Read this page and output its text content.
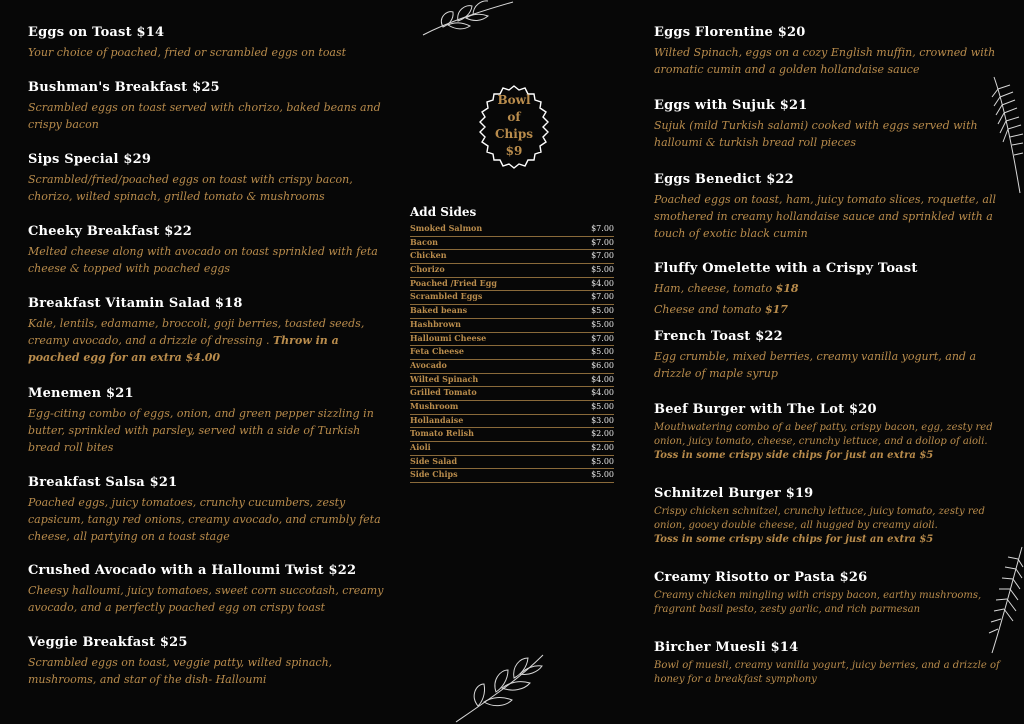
Eggs on Toast $14

Your choice of poached, fried or scrambled eggs on toast

Bushman's Breakfast $25

Scrambled eggs on toast served with chorizo, baked beans and crispy bacon

Sips Special $29

Scrambled/fried/poached eggs on toast with crispy bacon, chorizo, wilted spinach, grilled tomato & mushrooms

Cheeky Breakfast $22

Melted cheese along with avocado on toast sprinkled with feta cheese & topped with poached eggs

Breakfast Vitamin Salad $18

Kale, lentils, edamame, broccoli, goji berries, toasted seeds, creamy avocado, and a drizzle of dressing . Throw in a poached egg for an extra $4.00

Menemen $21

Egg-citing combo of eggs, onion, and green pepper sizzling in butter, sprinkled with parsley, served with a side of Turkish bread roll bites

Breakfast Salsa $21

Poached eggs, juicy tomatoes, crunchy cucumbers, zesty capsicum, tangy red onions, creamy avocado, and crumbly feta cheese, all partying on a toast stage

Crushed Avocado with a Halloumi Twist $22

Cheesy halloumi, juicy tomatoes, sweet corn succotash, creamy avocado, and a perfectly poached egg on crispy toast

Veggie Breakfast $25

Scrambled eggs on toast, veggie patty, wilted spinach, mushrooms, and star of the dish- Halloumi

Bowl
of
Chips
$9
Add Sides
Smoked Salmon	$7.00
Bacon	$7.00
Chicken	$7.00
Chorizo	$5.00
Poached /Fried Egg	$4.00
Scrambled Eggs	$7.00
Baked beans	$5.00
Hashbrown	$5.00
Halloumi Cheese	$7.00
Feta Cheese	$5.00
Avocado	$6.00
Wilted Spinach	$4.00
Grilled Tomato	$4.00
Mushroom	$5.00
Hollandaise	$3.00
Tomato Relish	$2.00
Aioli	$2.00
Side Salad	$5.00
Side Chips	$5.00
Eggs Florentine $20

Wilted Spinach, eggs on a cozy English muffin, crowned with aromatic cumin and a golden hollandaise sauce

Eggs with Sujuk $21

Sujuk (mild Turkish salami) cooked with eggs served with halloumi & turkish bread roll pieces

Eggs Benedict $22

Poached eggs on toast, ham, juicy tomato slices, roquette, all smothered in creamy hollandaise sauce and sprinkled with a touch of exotic black cumin

Fluffy Omelette with a Crispy Toast

Ham, cheese, tomato $18

Cheese and tomato $17

French Toast $22

Egg crumble, mixed berries, creamy vanilla yogurt, and a drizzle of maple syrup

Beef Burger with The Lot $20

Mouthwatering combo of a beef patty, crispy bacon, egg, zesty red onion, juicy tomato, cheese, crunchy lettuce, and a dollop of aioli.
Toss in some crispy side chips for just an extra $5

Schnitzel Burger $19

Crispy chicken schnitzel, crunchy lettuce, juicy tomato, zesty red onion, gooey double cheese, all hugged by creamy aioli.
Toss in some crispy side chips for just an extra $5

Creamy Risotto or Pasta $26

Creamy chicken mingling with crispy bacon, earthy mushrooms, fragrant basil pesto, zesty garlic, and rich parmesan

Bircher Muesli $14

Bowl of muesli, creamy vanilla yogurt, juicy berries, and a drizzle of honey for a breakfast symphony
